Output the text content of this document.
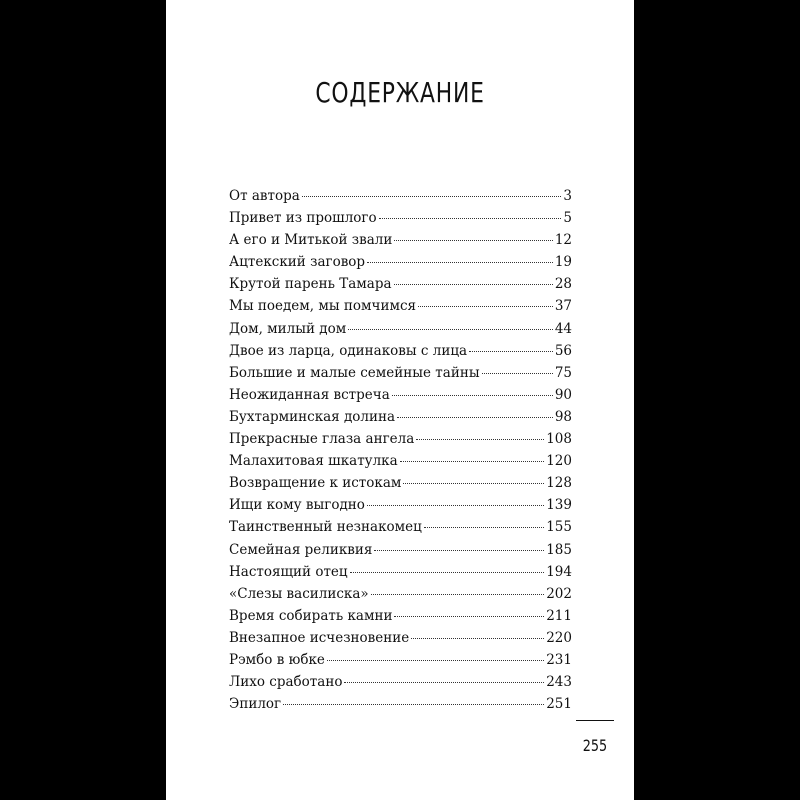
СОДЕРЖАНИЕ
От автора	3
Привет из прошлого	5
А его и Митькой звали	12
Ацтекский заговор	19
Крутой парень Тамара	28
Мы поедем, мы помчимся	37
Дом, милый дом	44
Двое из ларца, одинаковы с лица	56
Большие и малые семейные тайны	75
Неожиданная встреча	90
Бухтарминская долина	98
Прекрасные глаза ангела	108
Малахитовая шкатулка	120
Возвращение к истокам	128
Ищи кому выгодно	139
Таинственный незнакомец	155
Семейная реликвия	185
Настоящий отец	194
«Слезы василиска»	202
Время собирать камни	211
Внезапное исчезновение	220
Рэмбо в юбке	231
Лихо сработано	243
Эпилог	251
255
